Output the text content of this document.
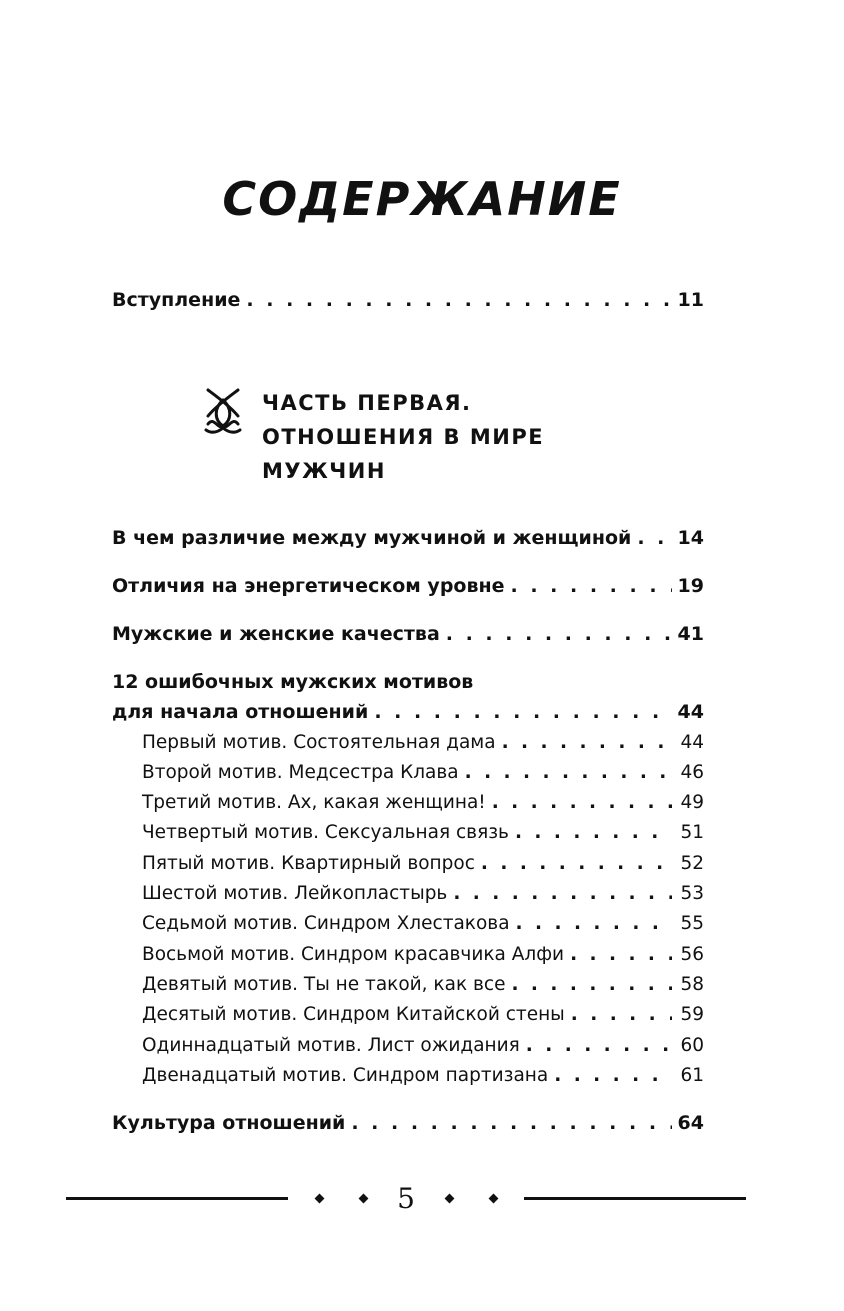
СОДЕРЖАНИЕ
Вступление . . .	11
ЧАСТЬ ПЕРВАЯ.
ОТНОШЕНИЯ В МИРЕ
МУЖЧИН
В чем различие между мужчиной и женщиной . . . 14
Отличия на энергетическом уровне . . .	19
Мужские и женские качества . . .	41
12 ошибочных мужских мотивов
для начала отношений . . .	44
Первый мотив. Состоятельная дама . . .	44
Второй мотив. Медсестра Клава . . .	46
Третий мотив. Ах, какая женщина! . . .	49
Четвертый мотив. Сексуальная связь . . .	51
Пятый мотив. Квартирный вопрос . . .	52
Шестой мотив. Лейкопластырь . . .	53
Седьмой мотив. Синдром Хлестакова . . .	55
Восьмой мотив. Синдром красавчика Алфи . . .	56
Девятый мотив. Ты не такой, как все . . .	58
Десятый мотив. Синдром Китайской стены . . .	59
Одиннадцатый мотив. Лист ожидания . . .	60
Двенадцатый мотив. Синдром партизана . . .	61
Культура отношений . . .	64
5
